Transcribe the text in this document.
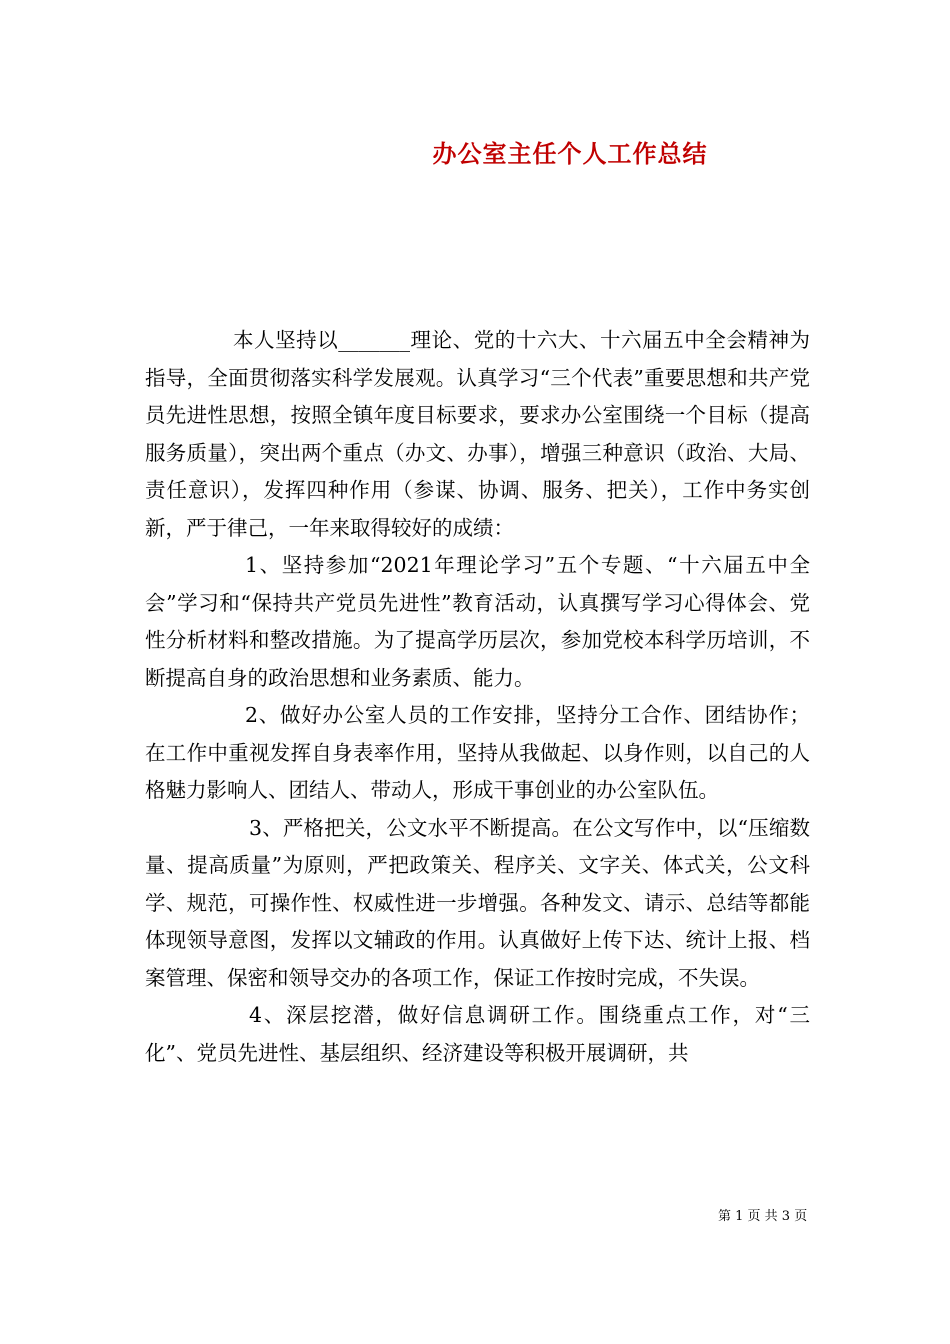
办公室主任个人工作总结

本人坚持以_______理论、党的十六大、十六届五中全会精神为指导，全面贯彻落实科学发展观。认真学习“三个代表”重要思想和共产党员先进性思想，按照全镇年度目标要求，要求办公室围绕一个目标（提高服务质量），突出两个重点（办文、办事），增强三种意识（政治、大局、责任意识），发挥四种作用（参谋、协调、服务、把关），工作中务实创新，严于律己，一年来取得较好的成绩：

1、坚持参加“2021年理论学习”五个专题、“十六届五中全会”学习和“保持共产党员先进性”教育活动，认真撰写学习心得体会、党性分析材料和整改措施。为了提高学历层次，参加党校本科学历培训，不断提高自身的政治思想和业务素质、能力。

2、做好办公室人员的工作安排，坚持分工合作、团结协作；在工作中重视发挥自身表率作用，坚持从我做起、以身作则，以自己的人格魅力影响人、团结人、带动人，形成干事创业的办公室队伍。

3、严格把关，公文水平不断提高。在公文写作中，以“压缩数量、提高质量”为原则，严把政策关、程序关、文字关、体式关，公文科学、规范，可操作性、权威性进一步增强。各种发文、请示、总结等都能体现领导意图，发挥以文辅政的作用。认真做好上传下达、统计上报、档案管理、保密和领导交办的各项工作，保证工作按时完成，不失误。

4、深层挖潜，做好信息调研工作。围绕重点工作，对“三化”、党员先进性、基层组织、经济建设等积极开展调研，共

第 1 页 共 3 页
